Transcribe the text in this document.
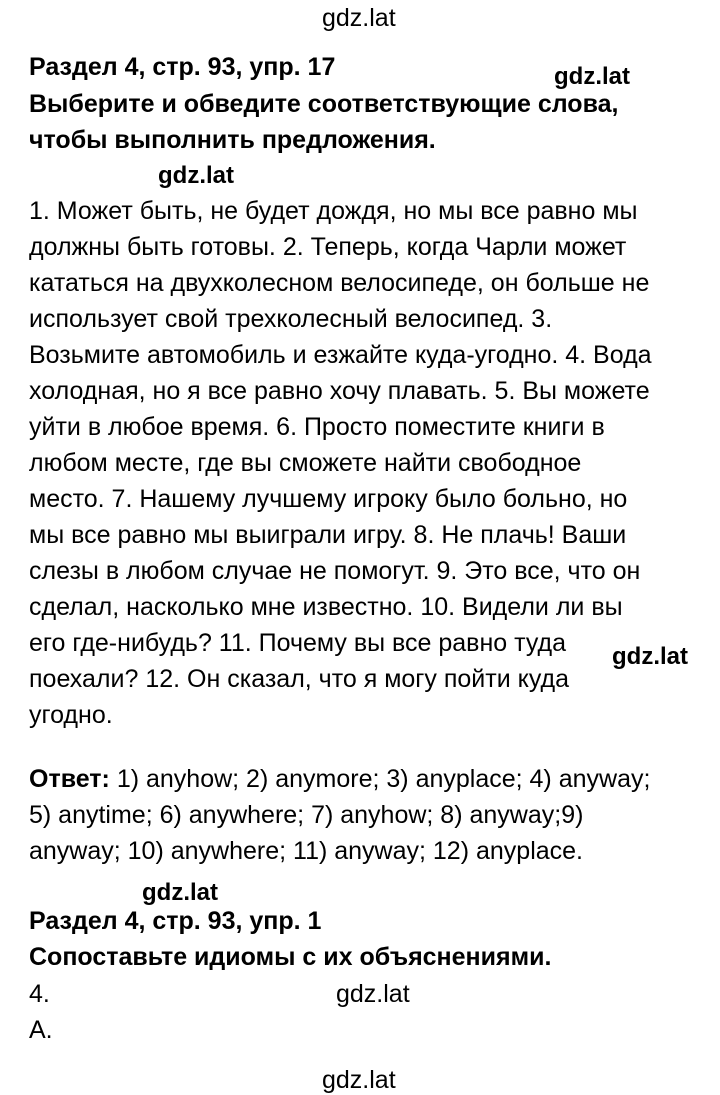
gdz.lat
gdz.lat
gdz.lat
gdz.lat
gdz.lat
gdz.lat
gdz.lat
Раздел 4, стр. 93, упр. 17
Выберите и обведите соответствующие слова,
чтобы выполнить предложения.
1. Может быть, не будет дождя, но мы все равно мы
должны быть готовы. 2. Теперь, когда Чарли может
кататься на двухколесном велосипеде, он больше не
использует свой трехколесный велосипед. 3.
Возьмите автомобиль и езжайте куда-угодно. 4. Вода
холодная, но я все равно хочу плавать. 5. Вы можете
уйти в любое время. 6. Просто поместите книги в
любом месте, где вы сможете найти свободное
место. 7. Нашему лучшему игроку было больно, но
мы все равно мы выиграли игру. 8. Не плачь! Ваши
слезы в любом случае не помогут. 9. Это все, что он
сделал, насколько мне известно. 10. Видели ли вы
его где-нибудь? 11. Почему вы все равно туда
поехали? 12. Он сказал, что я могу пойти куда
угодно.
Ответ: 1) anyhow; 2) anymore; 3) anyplace; 4) anyway;
5) anytime; 6) anywhere; 7) anyhow; 8) anyway;9)
anyway; 10) anywhere; 11) anyway; 12) anyplace.
Раздел 4, стр. 93, упр. 1
Сопоставьте идиомы с их объяснениями.
4.
A.
